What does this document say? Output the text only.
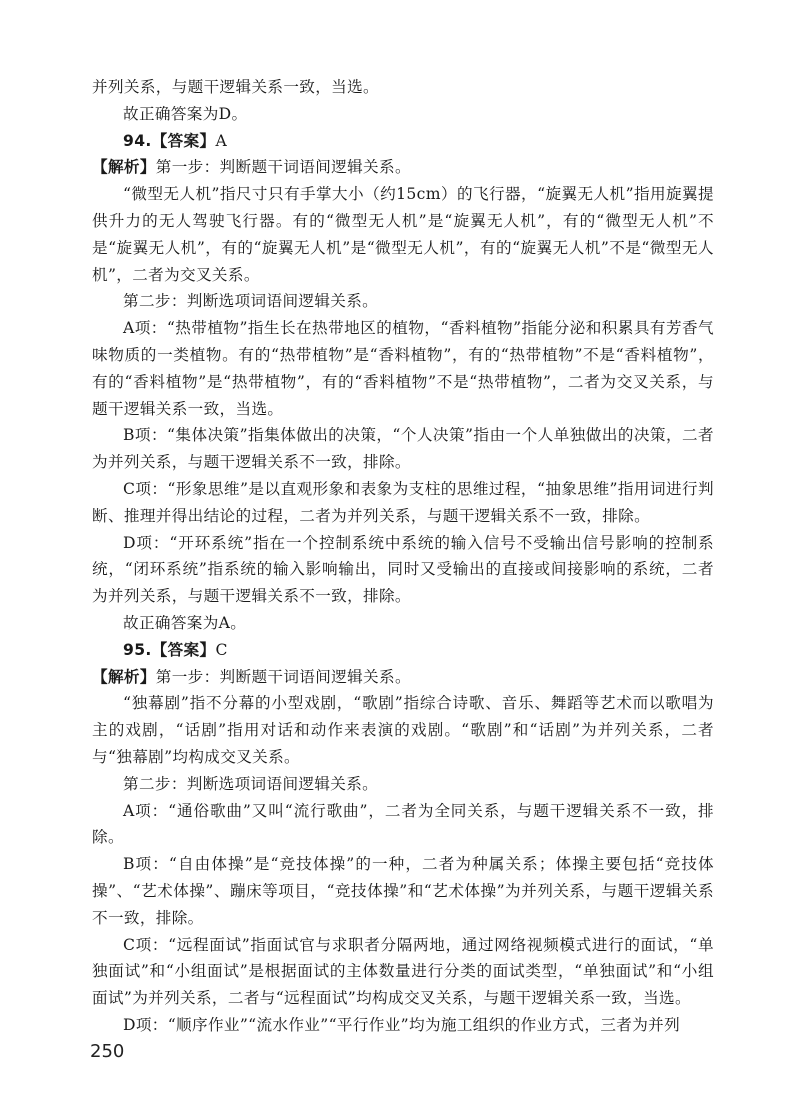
并列关系，与题干逻辑关系一致，当选。

故正确答案为D。

94.【答案】A

【解析】第一步：判断题干词语间逻辑关系。

“微型无人机”指尺寸只有手掌大小（约15cm）的飞行器，“旋翼无人机”指用旋翼提供升力的无人驾驶飞行器。有的“微型无人机”是“旋翼无人机”，有的“微型无人机”不是“旋翼无人机”，有的“旋翼无人机”是“微型无人机”，有的“旋翼无人机”不是“微型无人机”，二者为交叉关系。

第二步：判断选项词语间逻辑关系。

A项：“热带植物”指生长在热带地区的植物，“香料植物”指能分泌和积累具有芳香气味物质的一类植物。有的“热带植物”是“香料植物”，有的“热带植物”不是“香料植物”，有的“香料植物”是“热带植物”，有的“香料植物”不是“热带植物”，二者为交叉关系，与题干逻辑关系一致，当选。

B项：“集体决策”指集体做出的决策，“个人决策”指由一个人单独做出的决策，二者为并列关系，与题干逻辑关系不一致，排除。

C项：“形象思维”是以直观形象和表象为支柱的思维过程，“抽象思维”指用词进行判断、推理并得出结论的过程，二者为并列关系，与题干逻辑关系不一致，排除。

D项：“开环系统”指在一个控制系统中系统的输入信号不受输出信号影响的控制系统，“闭环系统”指系统的输入影响输出，同时又受输出的直接或间接影响的系统，二者为并列关系，与题干逻辑关系不一致，排除。

故正确答案为A。

95.【答案】C

【解析】第一步：判断题干词语间逻辑关系。

“独幕剧”指不分幕的小型戏剧，“歌剧”指综合诗歌、音乐、舞蹈等艺术而以歌唱为主的戏剧，“话剧”指用对话和动作来表演的戏剧。“歌剧”和“话剧”为并列关系，二者与“独幕剧”均构成交叉关系。

第二步：判断选项词语间逻辑关系。

A项：“通俗歌曲”又叫“流行歌曲”，二者为全同关系，与题干逻辑关系不一致，排除。

B项：“自由体操”是“竞技体操”的一种，二者为种属关系；体操主要包括“竞技体操”、“艺术体操”、蹦床等项目，“竞技体操”和“艺术体操”为并列关系，与题干逻辑关系不一致，排除。

C项：“远程面试”指面试官与求职者分隔两地，通过网络视频模式进行的面试，“单独面试”和“小组面试”是根据面试的主体数量进行分类的面试类型，“单独面试”和“小组面试”为并列关系，二者与“远程面试”均构成交叉关系，与题干逻辑关系一致，当选。

D项：“顺序作业”“流水作业”“平行作业”均为施工组织的作业方式，三者为并列

250
